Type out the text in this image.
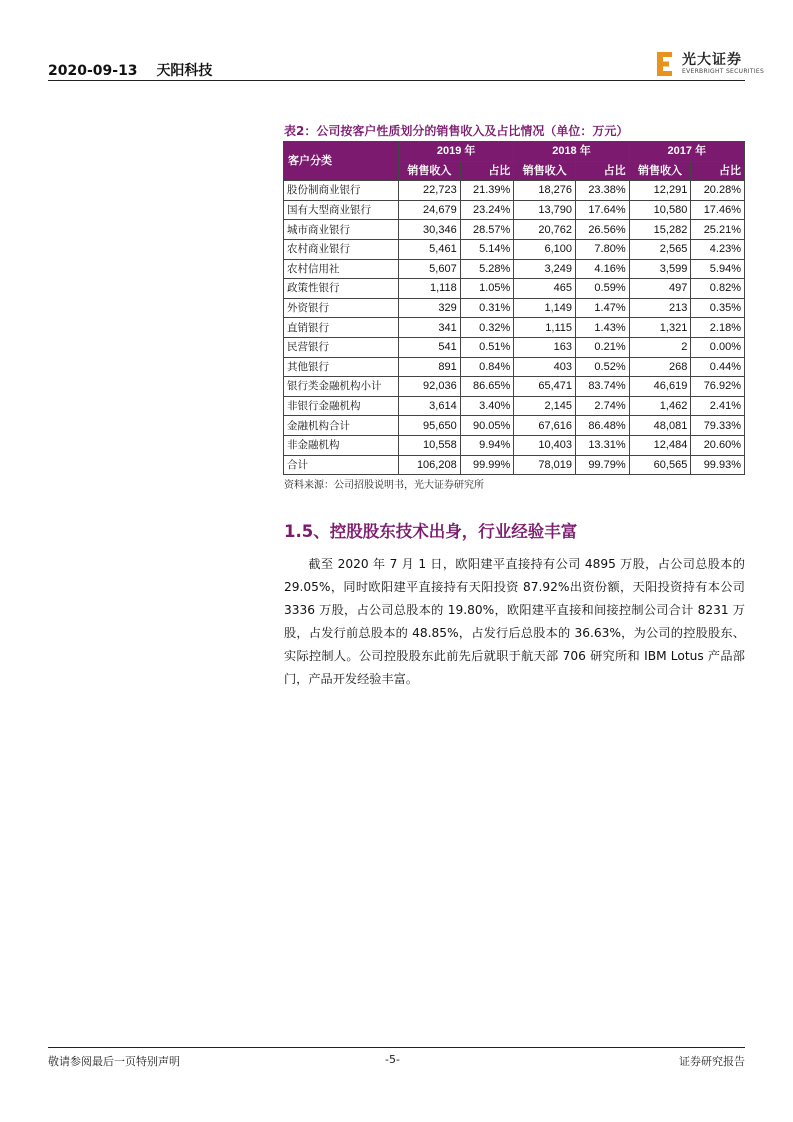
2020-09-13 天阳科技
光大证券
EVERBRIGHT SECURITIES
表2：公司按客户性质划分的销售收入及占比情况（单位：万元）
客户分类	2019 年		2018 年		2017 年	
	销售收入	占比	销售收入	占比	销售收入	占比
股份制商业银行	22,723	21.39%	18,276	23.38%	12,291	20.28%
国有大型商业银行	24,679	23.24%	13,790	17.64%	10,580	17.46%
城市商业银行	30,346	28.57%	20,762	26.56%	15,282	25.21%
农村商业银行	5,461	5.14%	6,100	7.80%	2,565	4.23%
农村信用社	5,607	5.28%	3,249	4.16%	3,599	5.94%
政策性银行	1,118	1.05%	465	0.59%	497	0.82%
外资银行	329	0.31%	1,149	1.47%	213	0.35%
直销银行	341	0.32%	1,115	1.43%	1,321	2.18%
民营银行	541	0.51%	163	0.21%	2	0.00%
其他银行	891	0.84%	403	0.52%	268	0.44%
银行类金融机构小计	92,036	86.65%	65,471	83.74%	46,619	76.92%
非银行金融机构	3,614	3.40%	2,145	2.74%	1,462	2.41%
金融机构合计	95,650	90.05%	67,616	86.48%	48,081	79.33%
非金融机构	10,558	9.94%	10,403	13.31%	12,484	20.60%
合计	106,208	99.99%	78,019	99.79%	60,565	99.93%
资料来源：公司招股说明书，光大证券研究所
1.5、控股股东技术出身，行业经验丰富
截至 2020 年 7 月 1 日，欧阳建平直接持有公司 4895 万股，占公司总股本的 29.05%，同时欧阳建平直接持有天阳投资 87.92%出资份额，天阳投资持有本公司 3336 万股，占公司总股本的 19.80%，欧阳建平直接和间接控制公司合计 8231 万股，占发行前总股本的 48.85%，占发行后总股本的 36.63%，为公司的控股股东、实际控制人。公司控股股东此前先后就职于航天部 706 研究所和 IBM Lotus 产品部门，产品开发经验丰富。
敬请参阅最后一页特别声明	-5-	证券研究报告
